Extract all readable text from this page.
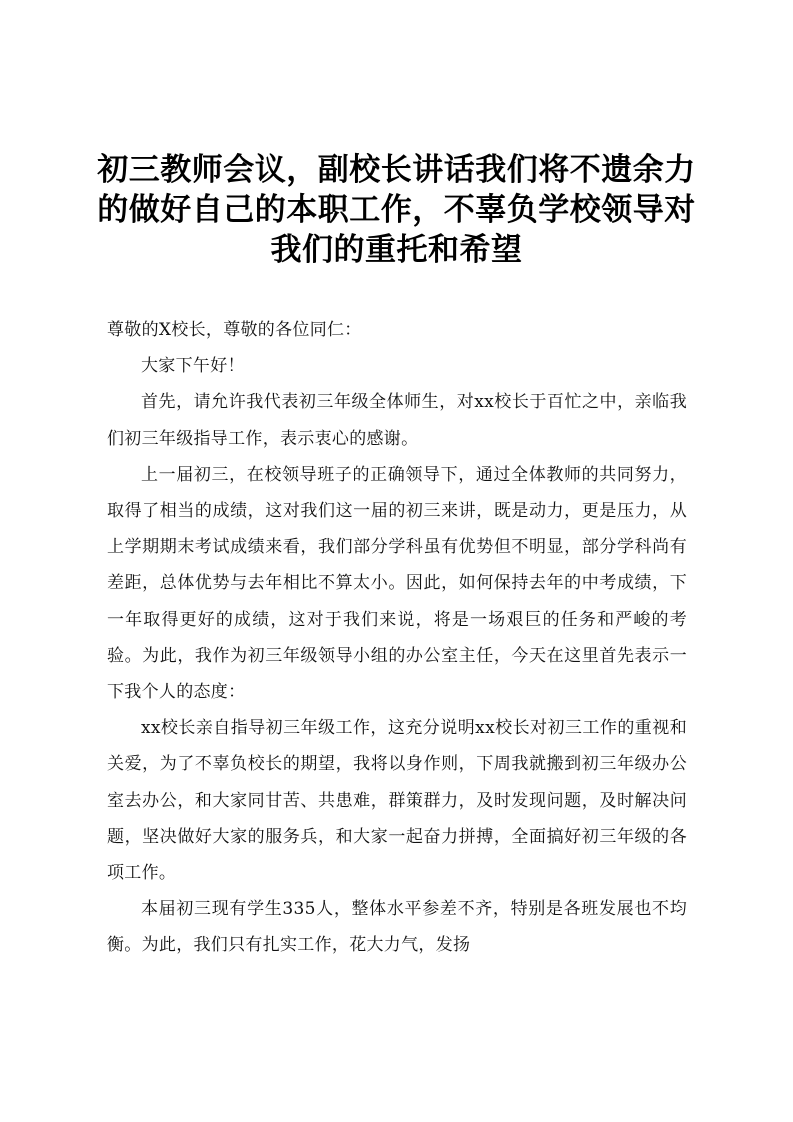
初三教师会议，副校长讲话我们将不遗余力的做好自己的本职工作，不辜负学校领导对我们的重托和希望

尊敬的X校长，尊敬的各位同仁：

大家下午好！

首先，请允许我代表初三年级全体师生，对xx校长于百忙之中，亲临我们初三年级指导工作，表示衷心的感谢。

上一届初三，在校领导班子的正确领导下，通过全体教师的共同努力，取得了相当的成绩，这对我们这一届的初三来讲，既是动力，更是压力，从上学期期末考试成绩来看，我们部分学科虽有优势但不明显，部分学科尚有差距，总体优势与去年相比不算太小。因此，如何保持去年的中考成绩，下一年取得更好的成绩，这对于我们来说，将是一场艰巨的任务和严峻的考验。为此，我作为初三年级领导小组的办公室主任，今天在这里首先表示一下我个人的态度：

xx校长亲自指导初三年级工作，这充分说明xx校长对初三工作的重视和关爱，为了不辜负校长的期望，我将以身作则，下周我就搬到初三年级办公室去办公，和大家同甘苦、共患难，群策群力，及时发现问题，及时解决问题，坚决做好大家的服务兵，和大家一起奋力拼搏，全面搞好初三年级的各项工作。

本届初三现有学生335人，整体水平参差不齐，特别是各班发展也不均衡。为此，我们只有扎实工作，花大力气，发扬
